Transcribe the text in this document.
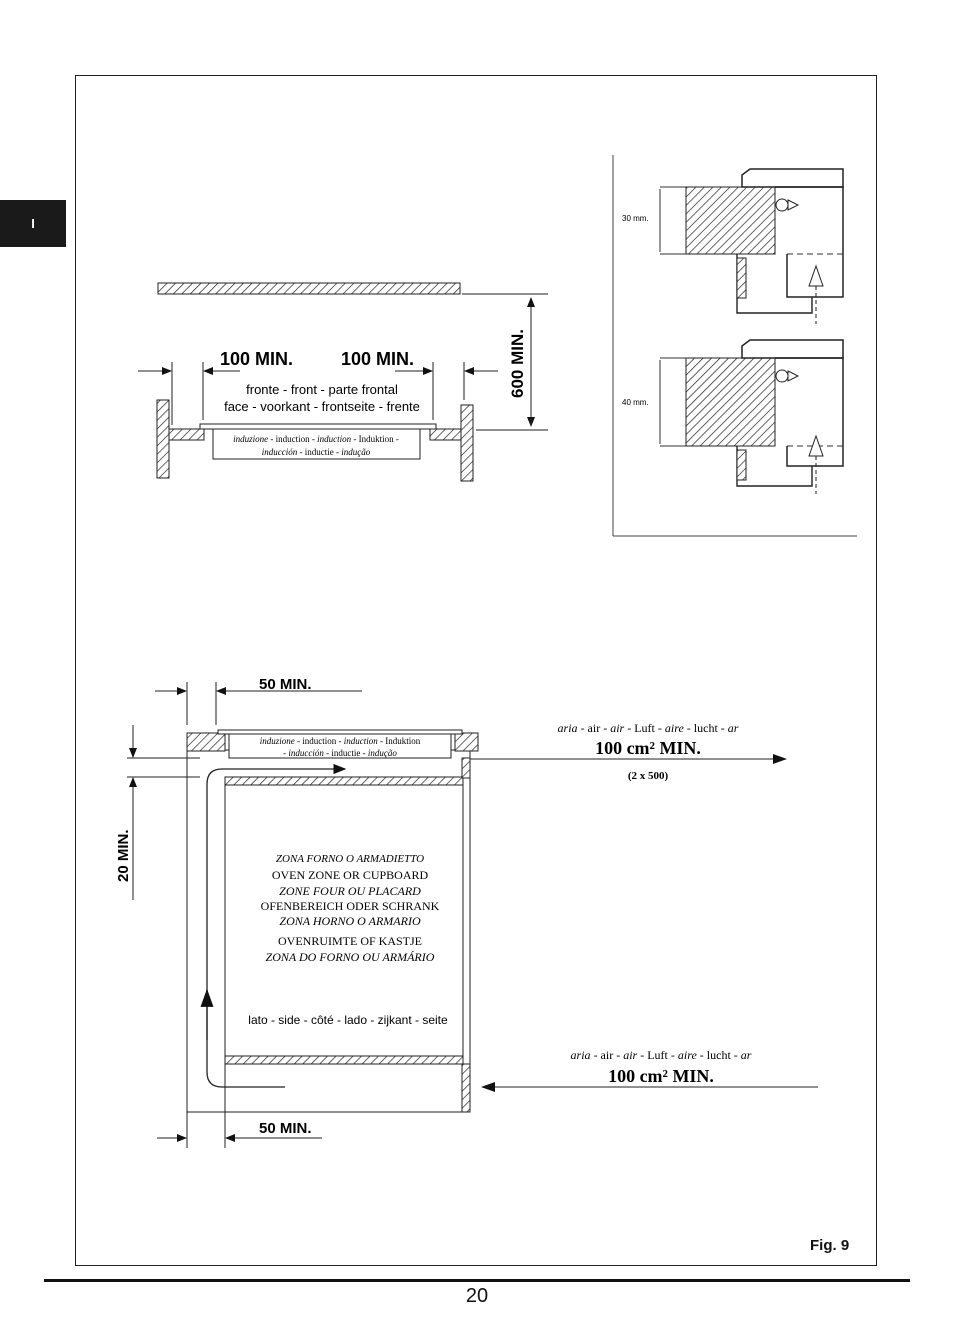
I
600 MIN.
induzione - induction - induction - Induktion -
inducción - inductie - indução
100 MIN.	100 MIN.
fronte - front - parte frontal
face - voorkant - frontseite - frente
30 mm.
40 mm.
induzione - induction - induction - Induktion
- inducción - inductie - indução
aria - air - air - Luft - aire - lucht - ar
100 cm² MIN.
(2 x 500)
aria - air - air - Luft - aire - lucht - ar
100 cm² MIN.
ZONA FORNO O ARMADIETTO
OVEN ZONE OR CUPBOARD
ZONE FOUR OU PLACARD
OFENBEREICH ODER SCHRANK
ZONA HORNO O ARMARIO
OVENRUIMTE OF KASTJE
ZONA DO FORNO OU ARMÁRIO
lato - side - côté - lado - zijkant - seite
50 MIN.
50 MIN.
20 MIN.
Fig. 9
20
